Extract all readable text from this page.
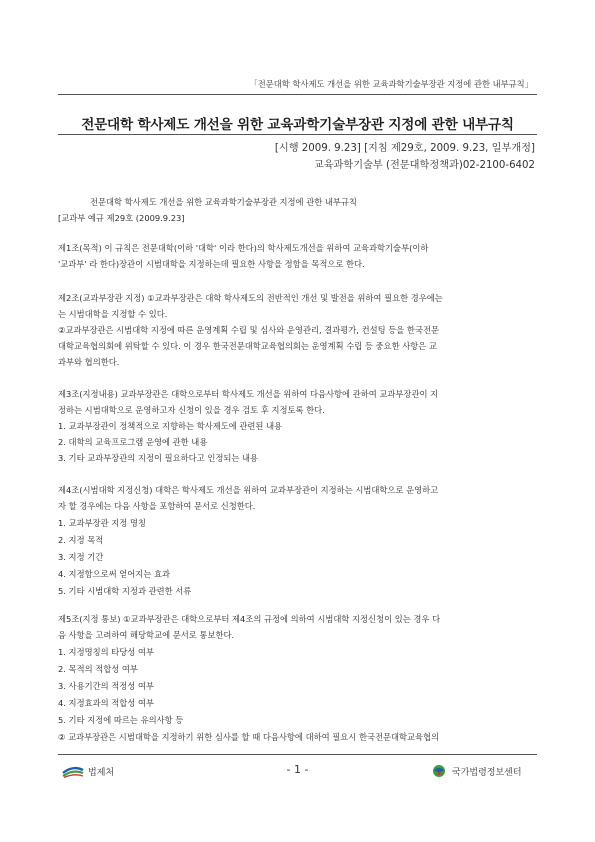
「전문대학 학사제도 개선을 위한 교육과학기술부장관 지정에 관한 내부규칙」
전문대학 학사제도 개선을 위한 교육과학기술부장관 지정에 관한 내부규칙
[시행 2009. 9.23] [지침 제29호, 2009. 9.23, 일부개정]
교육과학기술부 (전문대학정책과)02-2100-6402
전문대학 학사제도 개선을 위한 교육과학기술부장관 지정에 관한 내부규칙
[교과부 예규 제29호 (2009.9.23]
제1조(목적) 이 규칙은 전문대학(이하 '대학' 이라 한다)의 학사제도개선을 위하여 교육과학기술부(이하
'교과부' 라 한다)장관이 시범대학을 지정하는데 필요한 사항을 정함을 목적으로 한다.
제2조(교과부장관 지정) ①교과부장관은 대학 학사제도의 전반적인 개선 및 발전을 위하여 필요한 경우에는
는 시범대학을 지정할 수 있다.
②교과부장관은 시범대학 지정에 따른 운영계획 수립 및 심사와 운영관리, 결과평가, 컨설팅 등을 한국전문
대학교육협의회에 위탁할 수 있다. 이 경우 한국전문대학교육협의회는 운영계획 수립 등 중요한 사항은 교
과부와 협의한다.
제3조(지정내용) 교과부장관은 대학으로부터 학사제도 개선을 위하여 다음사항에 관하여 교과부장관이 지
정하는 시범대학으로 운영하고자 신청이 있을 경우 검토 후 지정토록 한다.
1. 교과부장관이 정책적으로 지향하는 학사제도에 관련된 내용
2. 대학의 교육프로그램 운영에 관한 내용
3. 기타 교과부장관의 지정이 필요하다고 인정되는 내용
제4조(시범대학 지정신청) 대학은 학사제도 개선을 위하여 교과부장관이 지정하는 시범대학으로 운영하고
자 할 경우에는 다음 사항을 포함하여 문서로 신청한다.
1. 교과부장관 지정 명칭
2. 지정 목적
3. 지정 기간
4. 지정함으로써 얻어지는 효과
5. 기타 시범대학 지정과 관련한 서류
제5조(지정 통보) ①교과부장관은 대학으로부터 제4조의 규정에 의하여 시범대학 지정신청이 있는 경우 다
음 사항을 고려하여 해당학교에 문서로 통보한다.
1. 지정명칭의 타당성 여부
2. 목적의 적합성 여부
3. 사용기간의 적정성 여부
4. 지정효과의 적합성 여부
5. 기타 지정에 따르는 유의사항 등
② 교과부장관은 시범대학을 지정하기 위한 심사를 할 때 다음사항에 대하여 필요시 한국전문대학교육협의
법제처	- 1 -	국가법령정보센터
